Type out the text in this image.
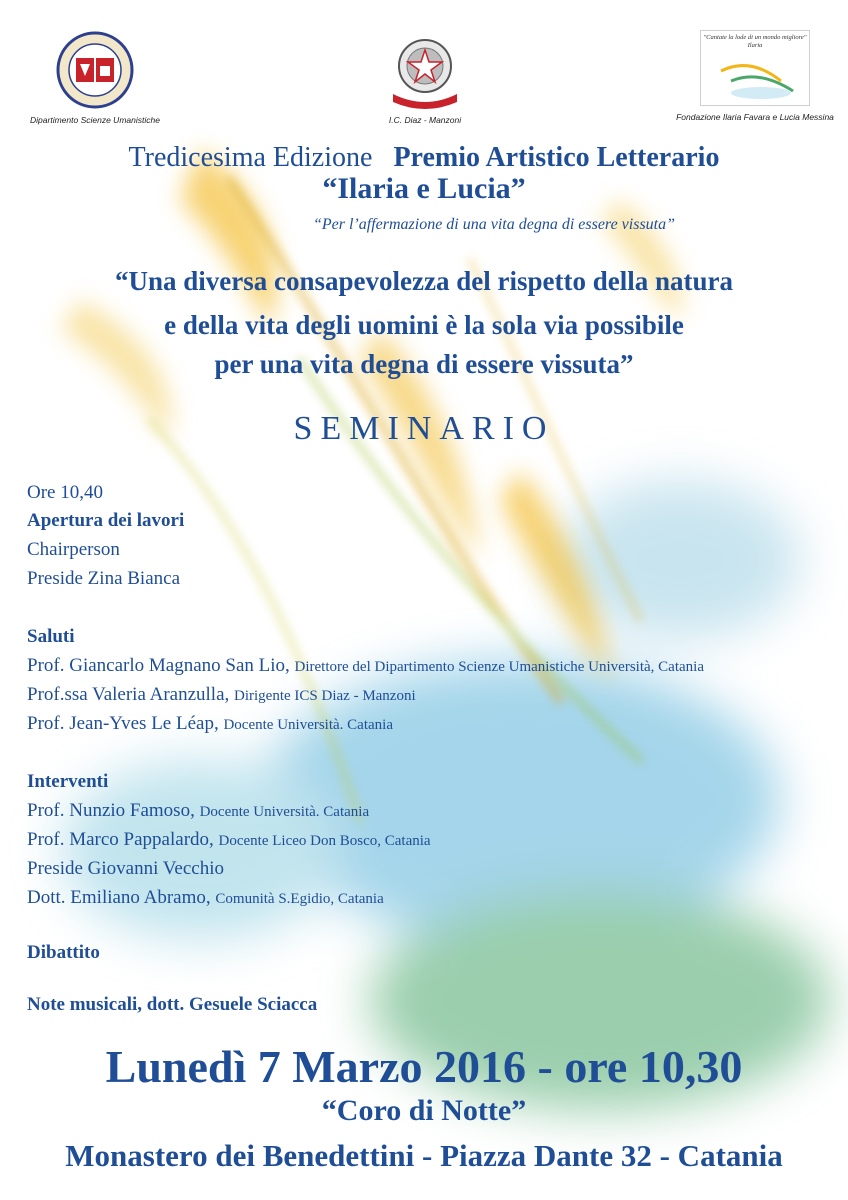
Dipartimento Scienze Umanistiche	I.C. Diaz - Manzoni
"Cantate la lode di un mondo migliore" Ilaria
Fondazione Ilaria Favara e Lucia Messina
Tredicesima Edizione Premio Artistico Letterario
“Ilaria e Lucia”
“Per l’affermazione di una vita degna di essere vissuta”
“Una diversa consapevolezza del rispetto della natura
e della vita degli uomini è la sola via possibile
per una vita degna di essere vissuta”
SEMINARIO
Ore 10,40
Apertura dei lavori
Chairperson
Preside Zina Bianca
Saluti
Prof. Giancarlo Magnano San Lio, Direttore del Dipartimento Scienze Umanistiche Università, Catania
Prof.ssa Valeria Aranzulla, Dirigente ICS Diaz - Manzoni
Prof. Jean-Yves Le Léap, Docente Università. Catania
Interventi
Prof. Nunzio Famoso, Docente Università. Catania
Prof. Marco Pappalardo, Docente Liceo Don Bosco, Catania
Preside Giovanni Vecchio
Dott. Emiliano Abramo, Comunità S.Egidio, Catania
Dibattito
Note musicali, dott. Gesuele Sciacca
Lunedì 7 Marzo 2016 - ore 10,30
“Coro di Notte”
Monastero dei Benedettini - Piazza Dante 32 - Catania
